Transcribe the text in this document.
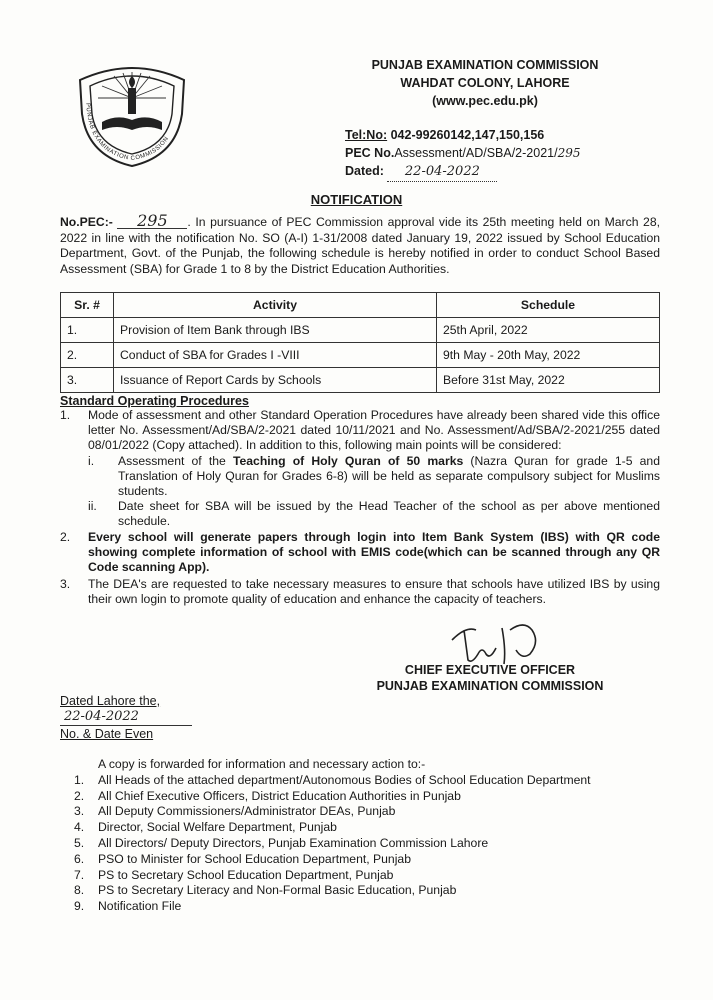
PUNJAB EXAMINATION COMMISSION
PUNJAB EXAMINATION COMMISSION
WAHDAT COLONY, LAHORE
(www.pec.edu.pk)
Tel:No: 042-99260142,147,150,156
PEC No.Assessment/AD/SBA/2-2021/295
Dated: 22-04-2022
NOTIFICATION
No.PEC:- 295 . In pursuance of PEC Commission approval vide its 25th meeting held on March 28, 2022 in line with the notification No. SO (A-I) 1-31/2008 dated January 19, 2022 issued by School Education Department, Govt. of the Punjab, the following schedule is hereby notified in order to conduct School Based Assessment (SBA) for Grade 1 to 8 by the District Education Authorities.
Sr. #	Activity	Schedule
1.	Provision of Item Bank through IBS	25th April, 2022
2.	Conduct of SBA for Grades I -VIII	9th May - 20th May, 2022
3.	Issuance of Report Cards by Schools	Before 31st May, 2022
Standard Operating Procedures
1. Mode of assessment and other Standard Operation Procedures have already been shared vide this office letter No. Assessment/Ad/SBA/2-2021 dated 10/11/2021 and No. Assessment/Ad/SBA/2-2021/255 dated 08/01/2022 (Copy attached). In addition to this, following main points will be considered:
i. Assessment of the Teaching of Holy Quran of 50 marks (Nazra Quran for grade 1-5 and Translation of Holy Quran for Grades 6-8) will be held as separate compulsory subject for Muslims students.
ii. Date sheet for SBA will be issued by the Head Teacher of the school as per above mentioned schedule.
2. Every school will generate papers through login into Item Bank System (IBS) with QR code showing complete information of school with EMIS code(which can be scanned through any QR Code scanning App).
3. The DEA's are requested to take necessary measures to ensure that schools have utilized IBS by using their own login to promote quality of education and enhance the capacity of teachers.
CHIEF EXECUTIVE OFFICER
PUNJAB EXAMINATION COMMISSION
Dated Lahore the,
22-04-2022
No. & Date Even
A copy is forwarded for information and necessary action to:-
1. All Heads of the attached department/Autonomous Bodies of School Education Department
2. All Chief Executive Officers, District Education Authorities in Punjab
3. All Deputy Commissioners/Administrator DEAs, Punjab
4. Director, Social Welfare Department, Punjab
5. All Directors/ Deputy Directors, Punjab Examination Commission Lahore
6. PSO to Minister for School Education Department, Punjab
7. PS to Secretary School Education Department, Punjab
8. PS to Secretary Literacy and Non-Formal Basic Education, Punjab
9. Notification File
